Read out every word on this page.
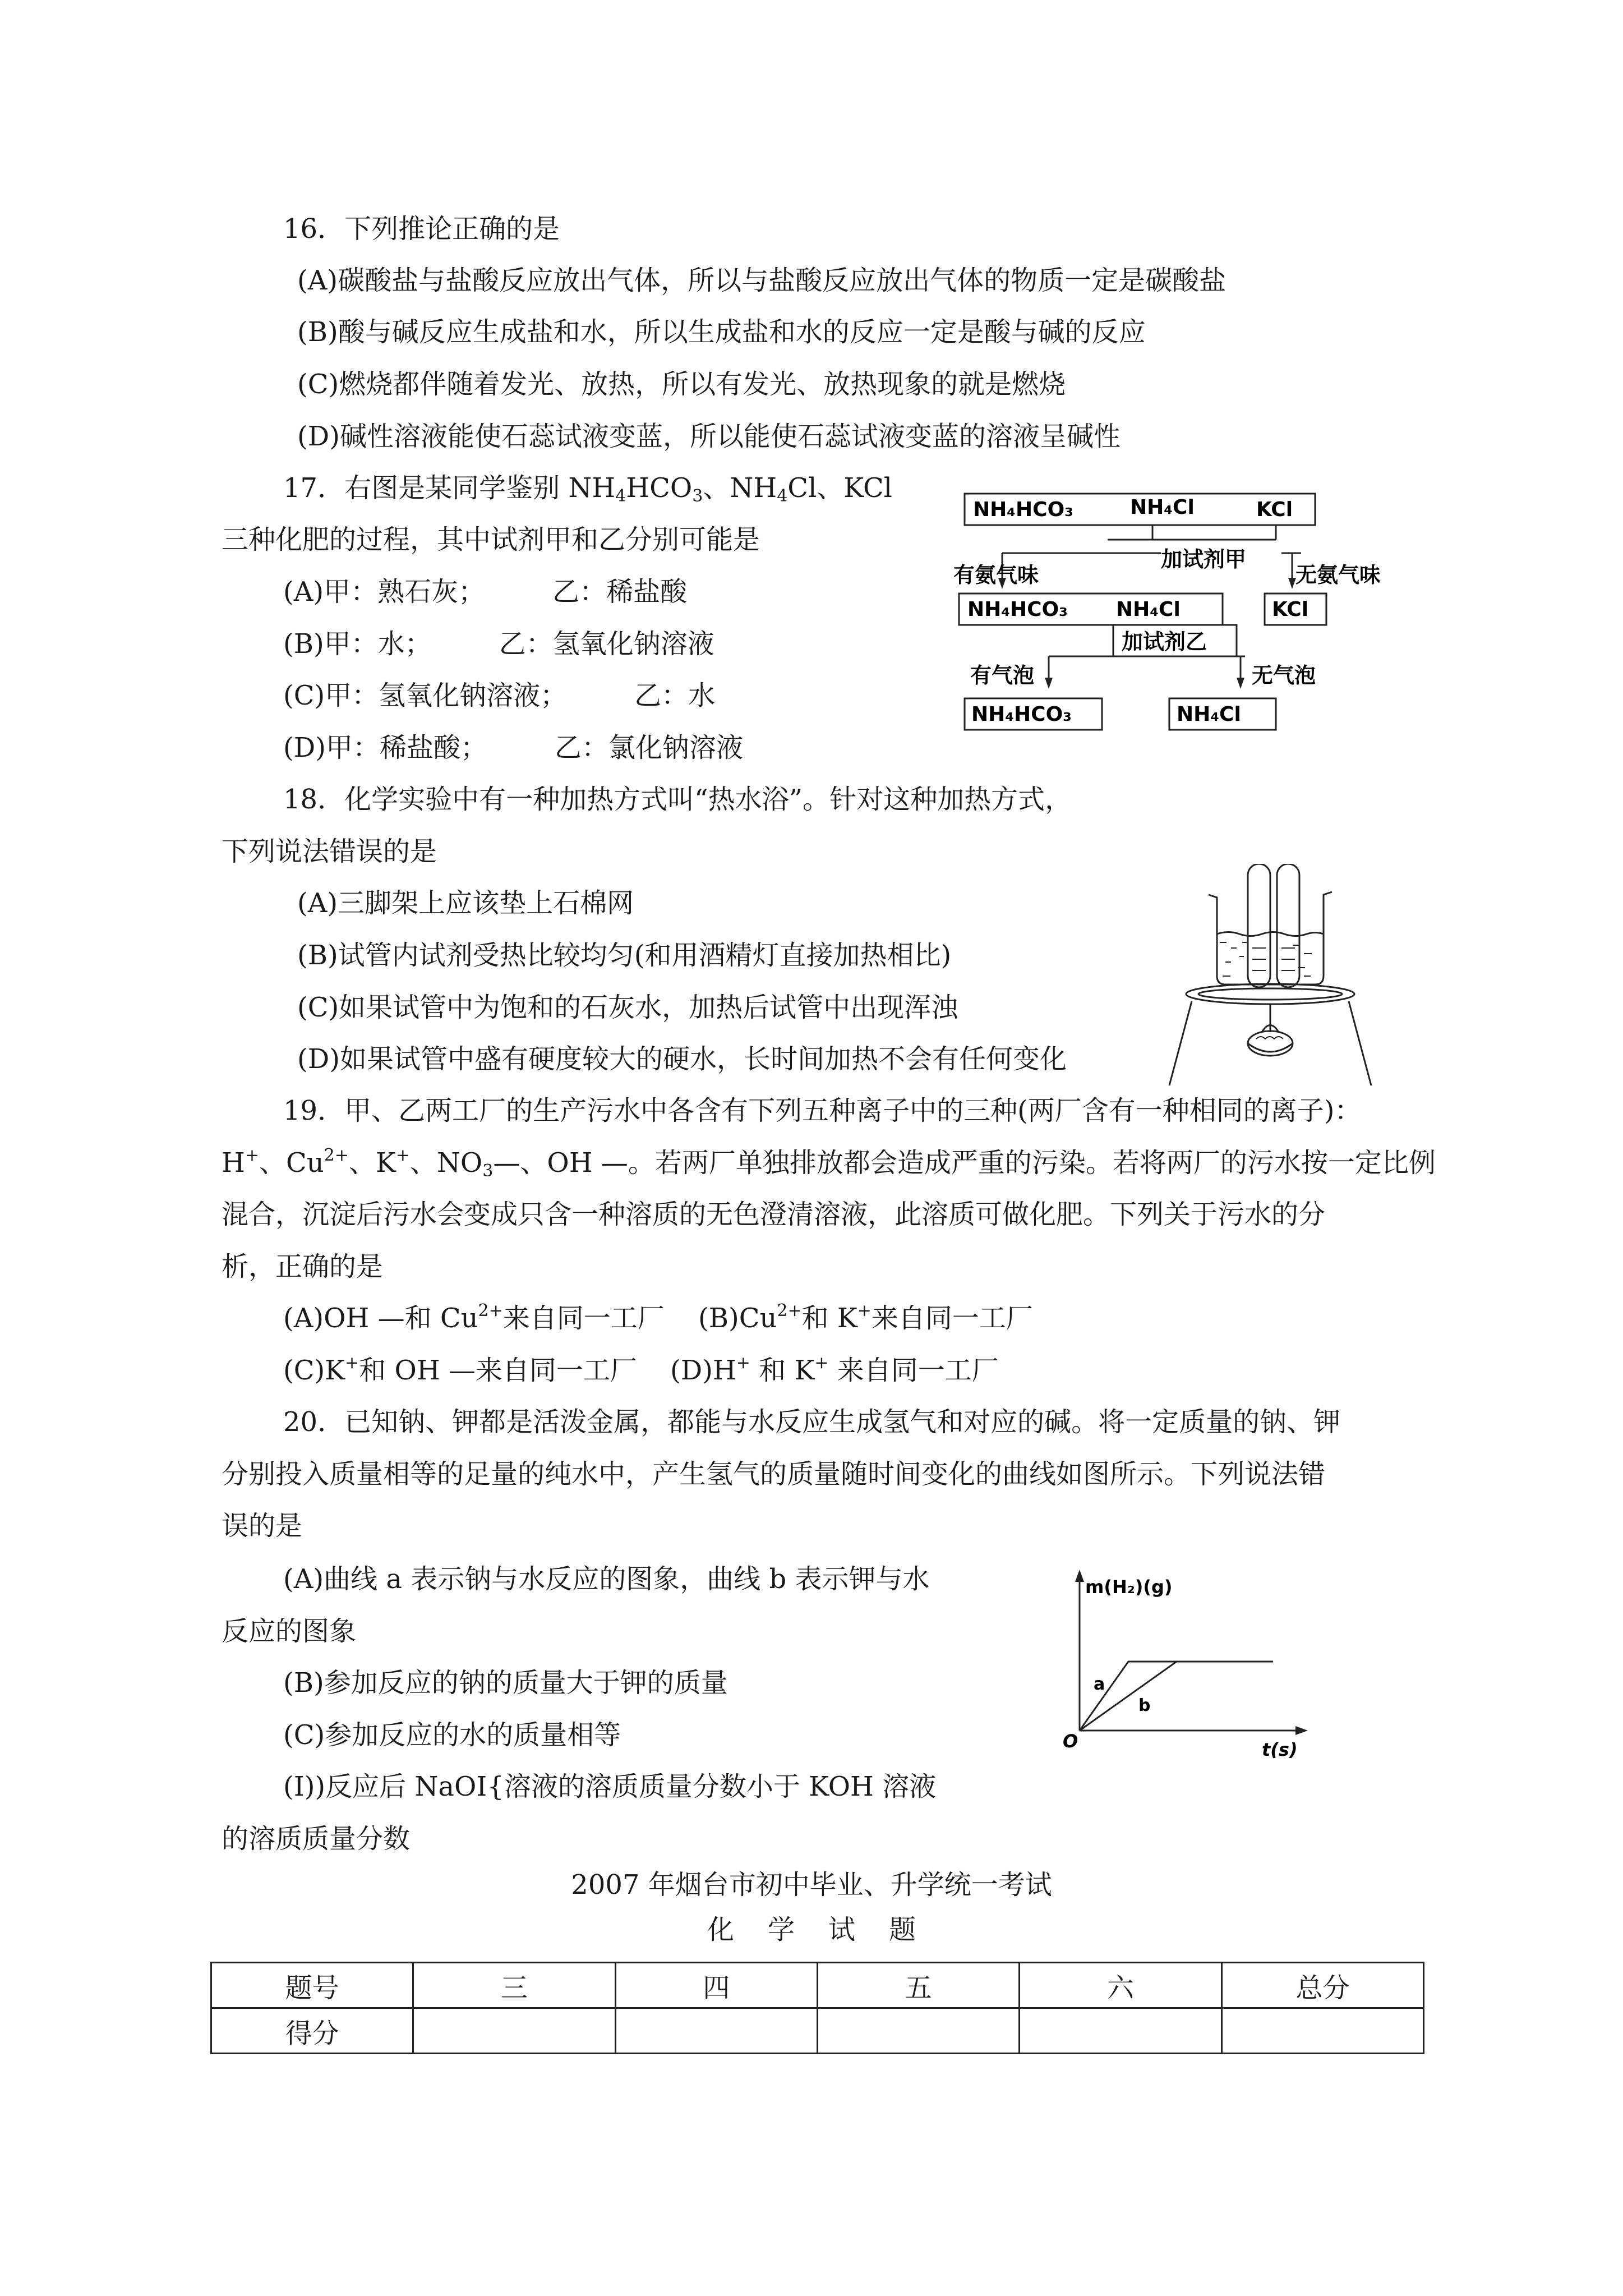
16．下列推论正确的是
(A)碳酸盐与盐酸反应放出气体，所以与盐酸反应放出气体的物质一定是碳酸盐
(B)酸与碱反应生成盐和水，所以生成盐和水的反应一定是酸与碱的反应
(C)燃烧都伴随着发光、放热，所以有发光、放热现象的就是燃烧
(D)碱性溶液能使石蕊试液变蓝，所以能使石蕊试液变蓝的溶液呈碱性
17．右图是某同学鉴别 $NH_4HCO_3$、$NH_4Cl$、KCl
三种化肥的过程，其中试剂甲和乙分别可能是
(A)甲：熟石灰；　　　乙：稀盐酸
(B)甲：水；　　　乙：氢氧化钠溶液
(C)甲：氢氧化钠溶液；　　　乙：水
(D)甲：稀盐酸；　　　乙：氯化钠溶液
NH₄HCO₃	NH₄Cl	KCl
加试剂甲
有氨气味	无氨气味
NH₄HCO₃ NH₄Cl	KCl
加试剂乙
有气泡	无气泡
NH₄HCO₃	NH₄Cl
18．化学实验中有一种加热方式叫“热水浴”。针对这种加热方式，
下列说法错误的是
(A)三脚架上应该垫上石棉网
(B)试管内试剂受热比较均匀(和用酒精灯直接加热相比)
(C)如果试管中为饱和的石灰水，加热后试管中出现浑浊
(D)如果试管中盛有硬度较大的硬水，长时间加热不会有任何变化
19．甲、乙两工厂的生产污水中各含有下列五种离子中的三种(两厂含有一种相同的离子)：
H+、$Cu^{2+}$、K+、$NO_3—$、OH —。若两厂单独排放都会造成严重的污染。若将两厂的污水按一定比例
混合，沉淀后污水会变成只含一种溶质的无色澄清溶液，此溶质可做化肥。下列关于污水的分
析，正确的是
(A)OH —和 $Cu^{2+}$来自同一工厂 $(B)Cu^{2+}$和 K+来自同一工厂
(C)K+和 OH —来自同一工厂 (D)H+ 和 K+ 来自同一工厂
20．已知钠、钾都是活泼金属，都能与水反应生成氢气和对应的碱。将一定质量的钠、钾
分别投入质量相等的足量的纯水中，产生氢气的质量随时间变化的曲线如图所示。下列说法错
误的是
(A)曲线 a 表示钠与水反应的图象，曲线 b 表示钾与水
反应的图象
(B)参加反应的钠的质量大于钾的质量
(C)参加反应的水的质量相等
(I))反应后 NaOI{溶液的溶质质量分数小于 KOH 溶液
的溶质质量分数
m(H₂)(g)
t(s)
O
a
b
2007 年烟台市初中毕业、升学统一考试
化学试题
题号	三	四	五	六	总分
得分					
